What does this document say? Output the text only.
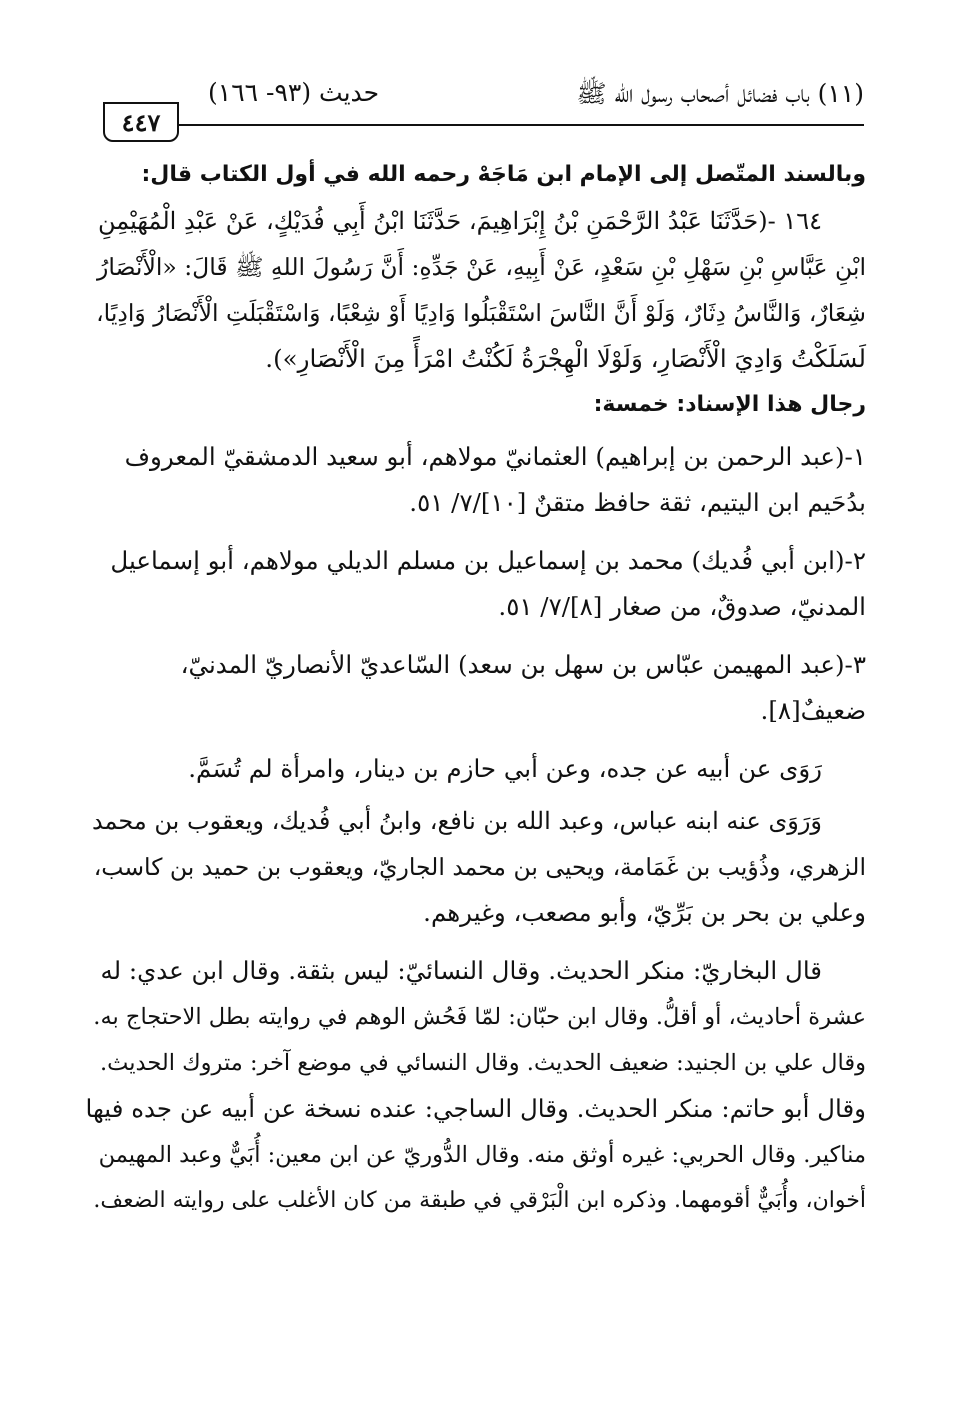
(١١) باب فضائل أصحاب رسول الله ﷺ
حديث (٩٣- ١٦٦)
٤٤٧
وبالسند المتّصل إلى الإمام ابن مَاجَهْ رحمه الله في أول الكتاب قال:
١٦٤ -(حَدَّثَنَا عَبْدُ الرَّحْمَنِ بْنُ إِبْرَاهِيمَ، حَدَّثَنَا ابْنُ أَبِي فُدَيْكٍ، عَنْ عَبْدِ الْمُهَيْمِنِ
ابْنِ عَبَّاسِ بْنِ سَهْلِ بْنِ سَعْدٍ، عَنْ أَبِيهِ، عَنْ جَدِّهِ: أَنَّ رَسُولَ اللهِ ﷺ قَالَ: «الْأَنْصَارُ
شِعَارٌ، وَالنَّاسُ دِثَارٌ، وَلَوْ أَنَّ النَّاسَ اسْتَقْبَلُوا وَادِيًا أَوْ شِعْبًا، وَاسْتَقْبَلَتِ الْأَنْصَارُ وَادِيًا،
لَسَلَكْتُ وَادِيَ الْأَنْصَارِ، وَلَوْلَا الْهِجْرَةُ لَكُنْتُ امْرَأً مِنَ الْأَنْصَارِ»).
رجال هذا الإسناد: خمسة:
١-(عبد الرحمن بن إبراهيم) العثمانيّ مولاهم، أبو سعيد الدمشقيّ المعروف
بدُحَيم ابن اليتيم، ثقة حافظ متقنٌ [١٠]/٧/ ٥١.
٢-(ابن أبي فُديك) محمد بن إسماعيل بن مسلم الديلي مولاهم، أبو إسماعيل
المدنيّ، صدوقٌ، من صغار [٨]/٧/ ٥١.
٣-(عبد المهيمن عبّاس بن سهل بن سعد) السّاعديّ الأنصاريّ المدنيّ،
ضعيفٌ[٨].
رَوَى عن أبيه عن جده، وعن أبي حازم بن دينار، وامرأة لم تُسَمَّ.
وَرَوَى عنه ابنه عباس، وعبد الله بن نافع، وابنُ أبي فُديك، ويعقوب بن محمد
الزهري، وذُؤيب بن غَمَامة، ويحيى بن محمد الجاريّ، ويعقوب بن حميد بن كاسب،
وعلي بن بحر بن بَرِّيّ، وأبو مصعب، وغيرهم.
قال البخاريّ: منكر الحديث. وقال النسائيّ: ليس بثقة. وقال ابن عدي: له
عشرة أحاديث، أو أقلُّ. وقال ابن حبّان: لمّا فَحُش الوهم في روايته بطل الاحتجاج به.
وقال علي بن الجنيد: ضعيف الحديث. وقال النسائي في موضع آخر: متروك الحديث.
وقال أبو حاتم: منكر الحديث. وقال الساجي: عنده نسخة عن أبيه عن جده فيها
مناكير. وقال الحربي: غيره أوثق منه. وقال الدُّوريّ عن ابن معين: أُبَيٌّ وعبد المهيمن
أخوان، وأُبَيٌّ أقومهما. وذكره ابن الْبَرْقي في طبقة من كان الأغلب على روايته الضعف.
